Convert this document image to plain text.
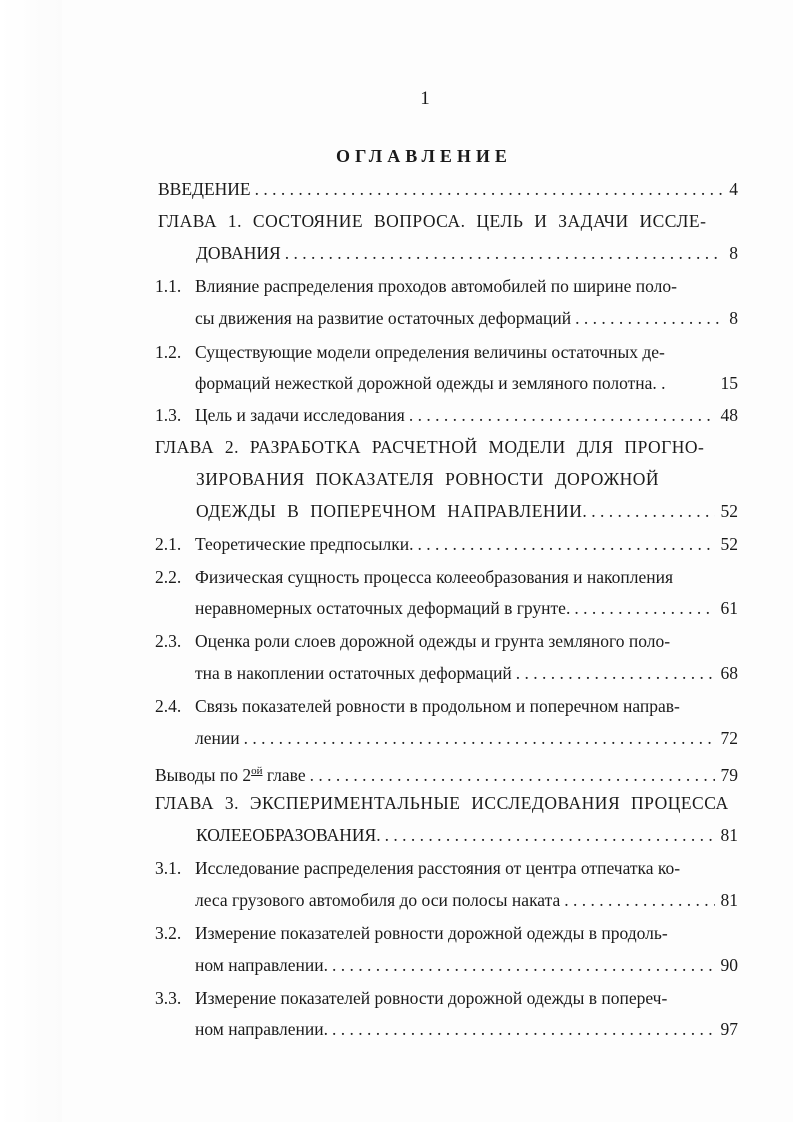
1
ОГЛАВЛЕНИЕ
ВВЕДЕНИЕ . . .	4
ГЛАВА 1. СОСТОЯНИЕ ВОПРОСА. ЦЕЛЬ И ЗАДАЧИ ИССЛЕ-
ДОВАНИЯ . . .	8
1.1. Влияние распределения проходов автомобилей по ширине поло-
сы движения на развитие остаточных деформаций . . .	8
1.2. Существующие модели определения величины остаточных де-
формаций нежесткой дорожной одежды и земляного полотна. .	15
1.3. Цель и задачи исследования . . .	48
ГЛАВА 2. РАЗРАБОТКА РАСЧЕТНОЙ МОДЕЛИ ДЛЯ ПРОГНО-
ЗИРОВАНИЯ ПОКАЗАТЕЛЯ РОВНОСТИ ДОРОЖНОЙ
ОДЕЖДЫ В ПОПЕРЕЧНОМ НАПРАВЛЕНИИ. . . .	52
2.1. Теоретические предпосылки. . . .	52
2.2. Физическая сущность процесса колееобразования и накопления
неравномерных остаточных деформаций в грунте. . . .	61
2.3. Оценка роли слоев дорожной одежды и грунта земляного поло-
тна в накоплении остаточных деформаций . . .	68
2.4. Связь показателей ровности в продольном и поперечном направ-
лении . . .	72
Выводы по $2^{ой}$ главе . . .	79
ГЛАВА 3. ЭКСПЕРИМЕНТАЛЬНЫЕ ИССЛЕДОВАНИЯ ПРОЦЕССА
КОЛЕЕОБРАЗОВАНИЯ. . . .	81
3.1. Исследование распределения расстояния от центра отпечатка ко-
леса грузового автомобиля до оси полосы наката . . .	81
3.2. Измерение показателей ровности дорожной одежды в продоль-
ном направлении. . . .	90
3.3. Измерение показателей ровности дорожной одежды в попереч-
ном направлении. . . .	97
